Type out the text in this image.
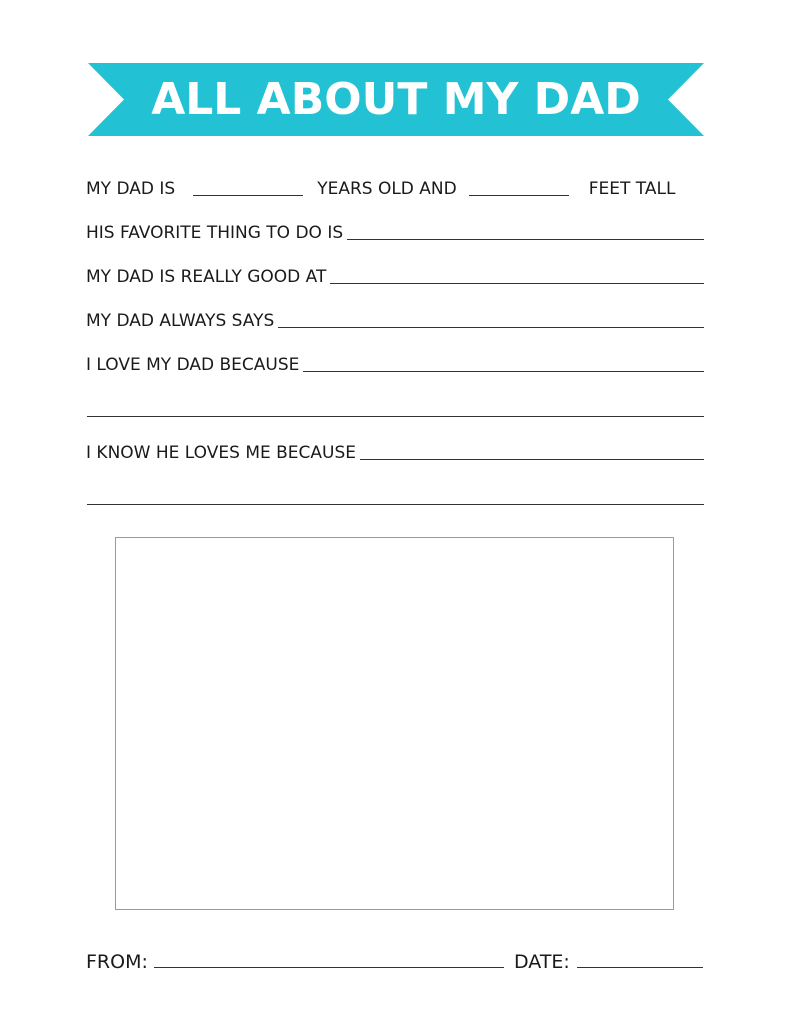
ALL ABOUT MY DAD
MY DAD IS	YEARS OLD AND	FEET TALL
HIS FAVORITE THING TO DO IS
MY DAD IS REALLY GOOD AT
MY DAD ALWAYS SAYS
I LOVE MY DAD BECAUSE
I KNOW HE LOVES ME BECAUSE
FROM:	DATE:
